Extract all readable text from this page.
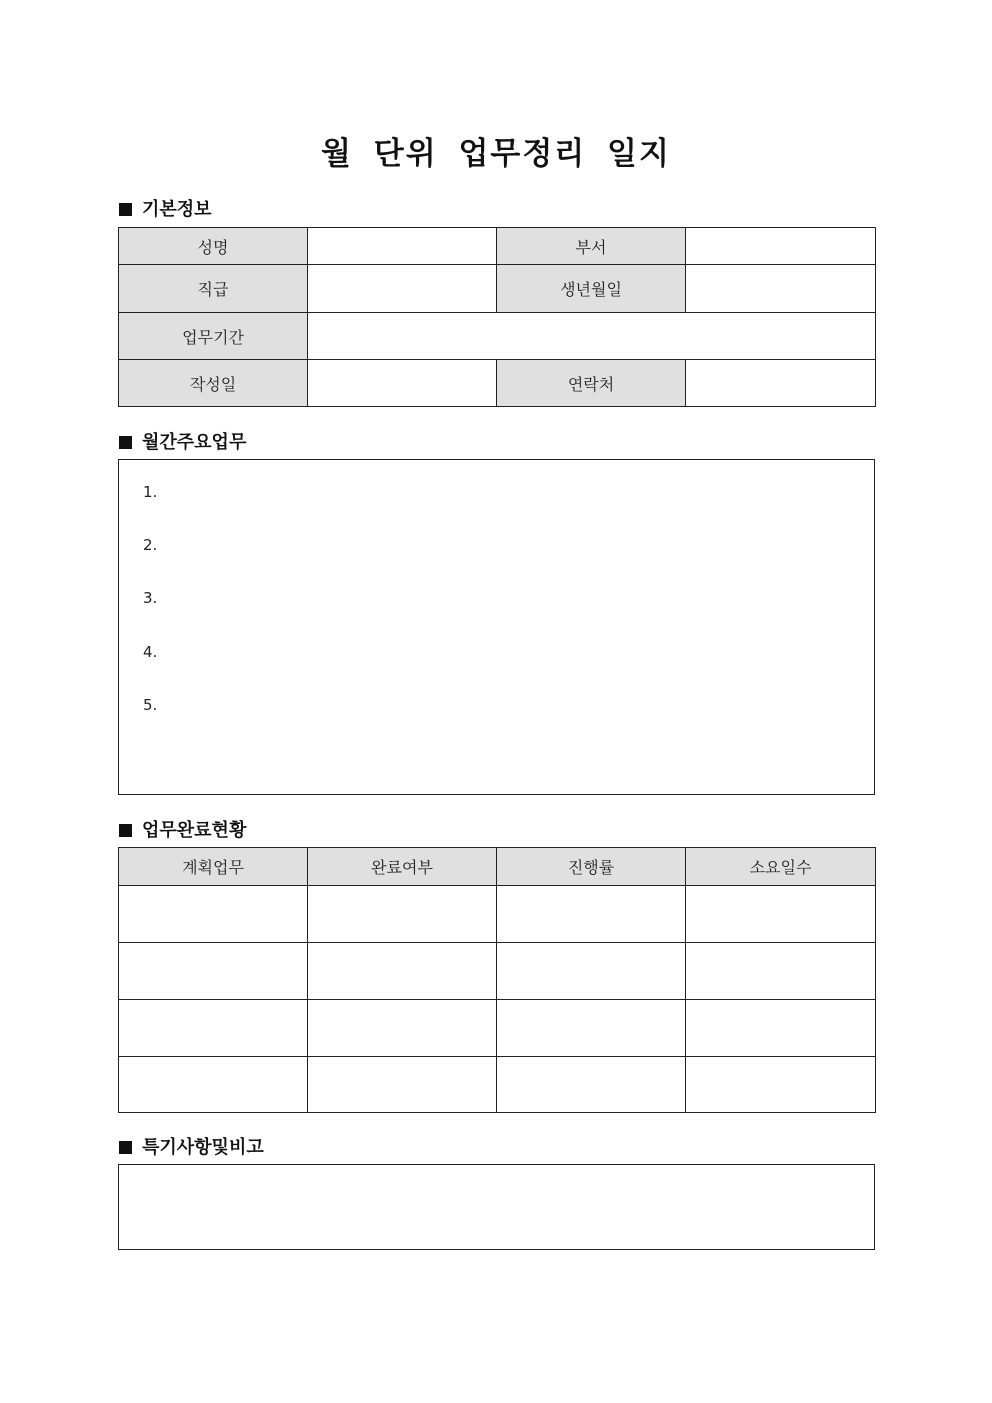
월 단위 업무정리 일지
기본정보
성명		부서	
직급		생년월일	
업무기간			
작성일		연락처	
월간주요업무
1.
2.
3.
4.
5.
업무완료현황
계획업무	완료여부	진행률	소요일수

특기사항및비고
